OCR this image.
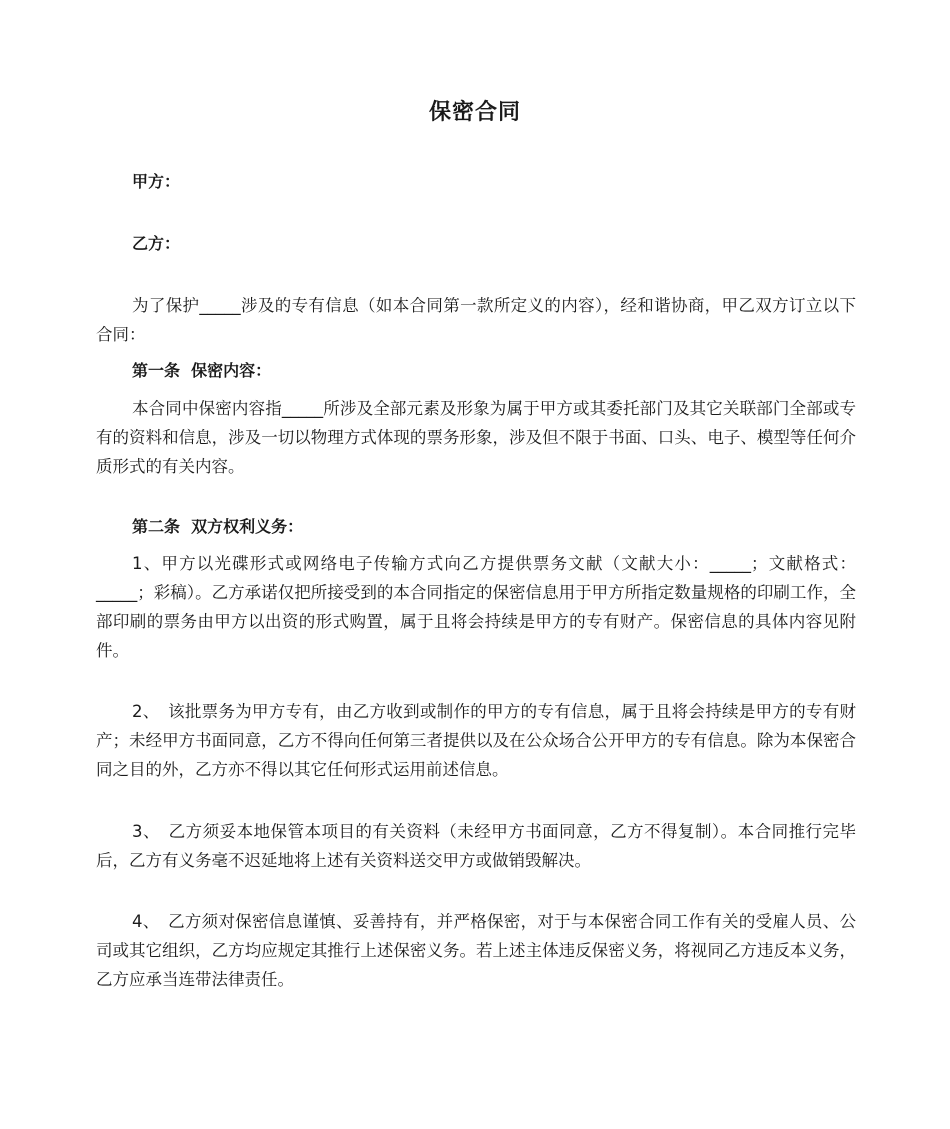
保密合同
甲方：
乙方：

为了保护_____涉及的专有信息（如本合同第一款所定义的内容），经和谐协商，甲乙双方订立以下合同：

第一条  保密内容：

本合同中保密内容指_____所涉及全部元素及形象为属于甲方或其委托部门及其它关联部门全部或专有的资料和信息，涉及一切以物理方式体现的票务形象，涉及但不限于书面、口头、电子、模型等任何介质形式的有关内容。

第二条  双方权利义务：

1、甲方以光碟形式或网络电子传输方式向乙方提供票务文献（文献大小：_____；文献格式：_____；彩稿）。乙方承诺仅把所接受到的本合同指定的保密信息用于甲方所指定数量规格的印刷工作，全部印刷的票务由甲方以出资的形式购置，属于且将会持续是甲方的专有财产。保密信息的具体内容见附件。

2、　该批票务为甲方专有，由乙方收到或制作的甲方的专有信息，属于且将会持续是甲方的专有财产；未经甲方书面同意，乙方不得向任何第三者提供以及在公众场合公开甲方的专有信息。除为本保密合同之目的外，乙方亦不得以其它任何形式运用前述信息。

3、　乙方须妥本地保管本项目的有关资料（未经甲方书面同意，乙方不得复制）。本合同推行完毕后，乙方有义务毫不迟延地将上述有关资料送交甲方或做销毁解决。

4、　乙方须对保密信息谨慎、妥善持有，并严格保密，对于与本保密合同工作有关的受雇人员、公司或其它组织，乙方均应规定其推行上述保密义务。若上述主体违反保密义务，将视同乙方违反本义务，乙方应承当连带法律责任。
